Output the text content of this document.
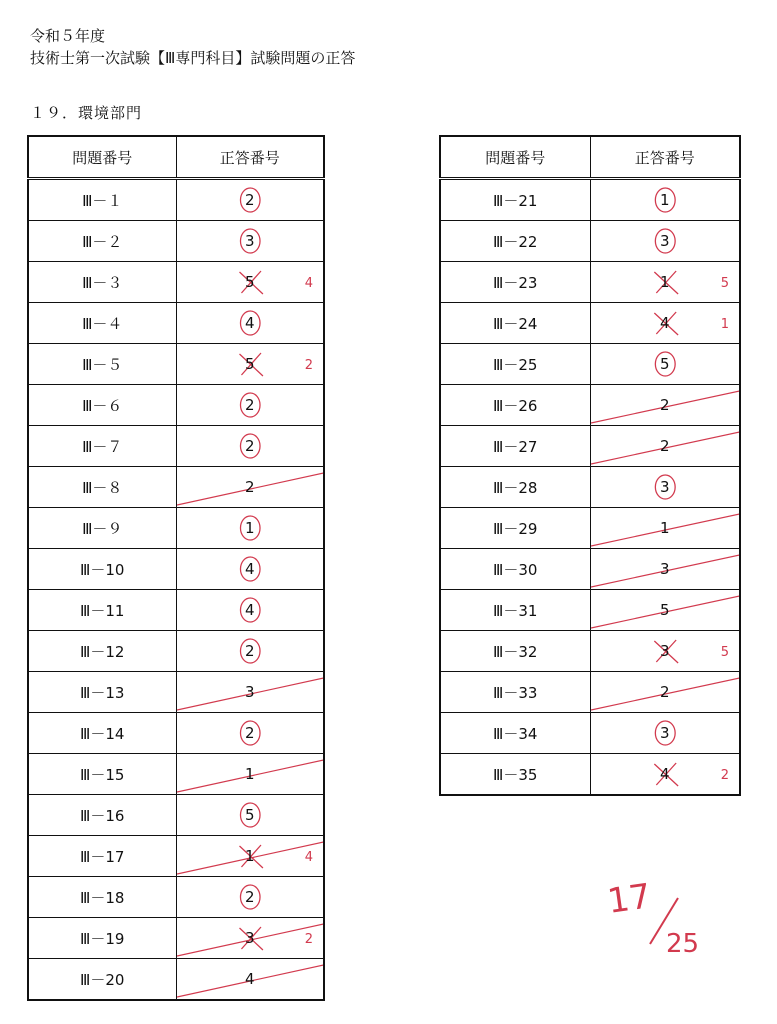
令和５年度
技術士第一次試験【Ⅲ専門科目】試験問題の正答
１９．環境部門
問題番号	正答番号
Ⅲ－１	2

Ⅲ－２	3

Ⅲ－３	5 4

Ⅲ－４	4

Ⅲ－５	5 2

Ⅲ－６	2

Ⅲ－７	2

Ⅲ－８	2

Ⅲ－９	1

Ⅲ－10	4

Ⅲ－11	4

Ⅲ－12	2

Ⅲ－13	3

Ⅲ－14	2

Ⅲ－15	1

Ⅲ－16	5

Ⅲ－17	1 4

Ⅲ－18	2

Ⅲ－19	3 2

Ⅲ－20	4
問題番号	正答番号
Ⅲ－21	1

Ⅲ－22	3

Ⅲ－23	1 5

Ⅲ－24	4 1

Ⅲ－25	5

Ⅲ－26	2

Ⅲ－27	2

Ⅲ－28	3

Ⅲ－29	1

Ⅲ－30	3

Ⅲ－31	5

Ⅲ－32	3 5

Ⅲ－33	2

Ⅲ－34	3

Ⅲ－35	4 2
17
25
